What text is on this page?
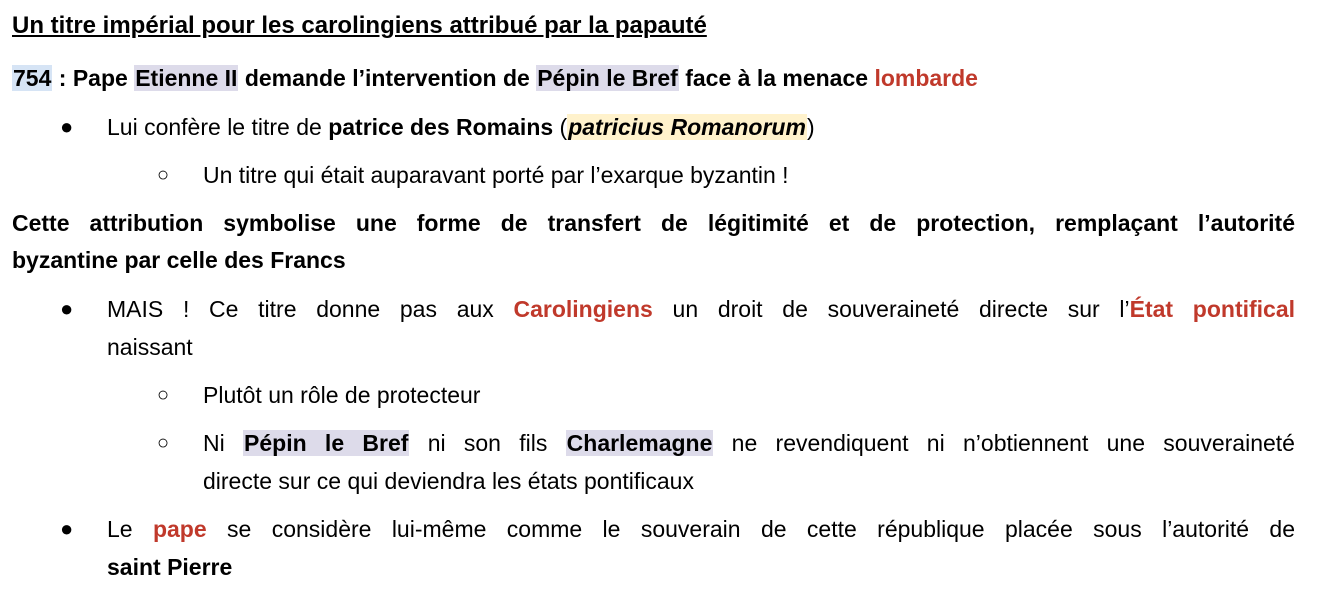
Un titre impérial pour les carolingiens attribué par la papauté
754 : Pape Etienne II demande l’intervention de Pépin le Bref face à la menace lombarde
● Lui confère le titre de patrice des Romains (patricius Romanorum)
○ Un titre qui était auparavant porté par l’exarque byzantin !
Cette attribution symbolise une forme de transfert de légitimité et de protection, remplaçant l’autorité
byzantine par celle des Francs
● MAIS ! Ce titre donne pas aux Carolingiens un droit de souveraineté directe sur l’État pontifical
naissant
○ Plutôt un rôle de protecteur
○ Ni Pépin le Bref ni son fils Charlemagne ne revendiquent ni n’obtiennent une souveraineté
directe sur ce qui deviendra les états pontificaux
● Le pape se considère lui-même comme le souverain de cette république placée sous l’autorité de
saint Pierre
